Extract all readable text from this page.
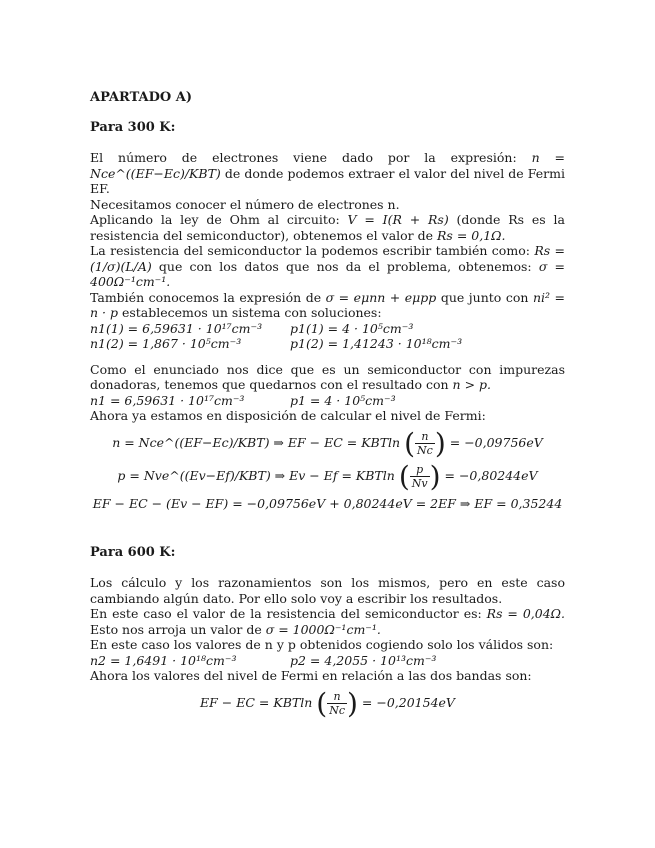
APARTADO A)
Para 300 K:

El número de electrones viene dado por la expresión: n = Nce^((EF−Ec)/KBT) de donde podemos extraer el valor del nivel de Fermi EF.

Necesitamos conocer el número de electrones n.

Aplicando la ley de Ohm al circuito: V = I(R + Rs) (donde Rs es la resistencia del semiconductor), obtenemos el valor de Rs = 0,1Ω.

La resistencia del semiconductor la podemos escribir también como: Rs = (1/σ)(L/A) que con los datos que nos da el problema, obtenemos: σ = 400Ω⁻¹cm⁻¹.

También conocemos la expresión de σ = eμnn + eμpp que junto con ni² = n · p establecemos un sistema con soluciones:

n1(1) = 6,59631 · 10¹⁷cm⁻³	p1(1) = 4 · 10⁵cm⁻³
n1(2) = 1,867 · 10⁵cm⁻³	p1(2) = 1,41243 · 10¹⁸cm⁻³

Como el enunciado nos dice que es un semiconductor con impurezas donadoras, tenemos que quedarnos con el resultado con n > p.

n1 = 6,59631 · 10¹⁷cm⁻³	p1 = 4 · 10⁵cm⁻³

Ahora ya estamos en disposición de calcular el nivel de Fermi:

n = Nce^((EF−Ec)/KBT) ⇒ EF − EC = KBTln ( $\frac{n}{Nc}$ ) = −0,09756eV
p = Nve^((Ev−Ef)/KBT) ⇒ Ev − Ef = KBTln ( $\frac{p}{Nv}$ ) = −0,80244eV
EF − EC − (Ev − EF) = −0,09756eV + 0,80244eV = 2EF ⇒ EF = 0,35244
Para 600 K:

Los cálculo y los razonamientos son los mismos, pero en este caso cambiando algún dato. Por ello solo voy a escribir los resultados.

En este caso el valor de la resistencia del semiconductor es: Rs = 0,04Ω. Esto nos arroja un valor de σ = 1000Ω⁻¹cm⁻¹.

En este caso los valores de n y p obtenidos cogiendo solo los válidos son:

n2 = 1,6491 · 10¹⁸cm⁻³	p2 = 4,2055 · 10¹³cm⁻³

Ahora los valores del nivel de Fermi en relación a las dos bandas son:

EF − EC = KBTln ( $\frac{n}{Nc}$ ) = −0,20154eV
